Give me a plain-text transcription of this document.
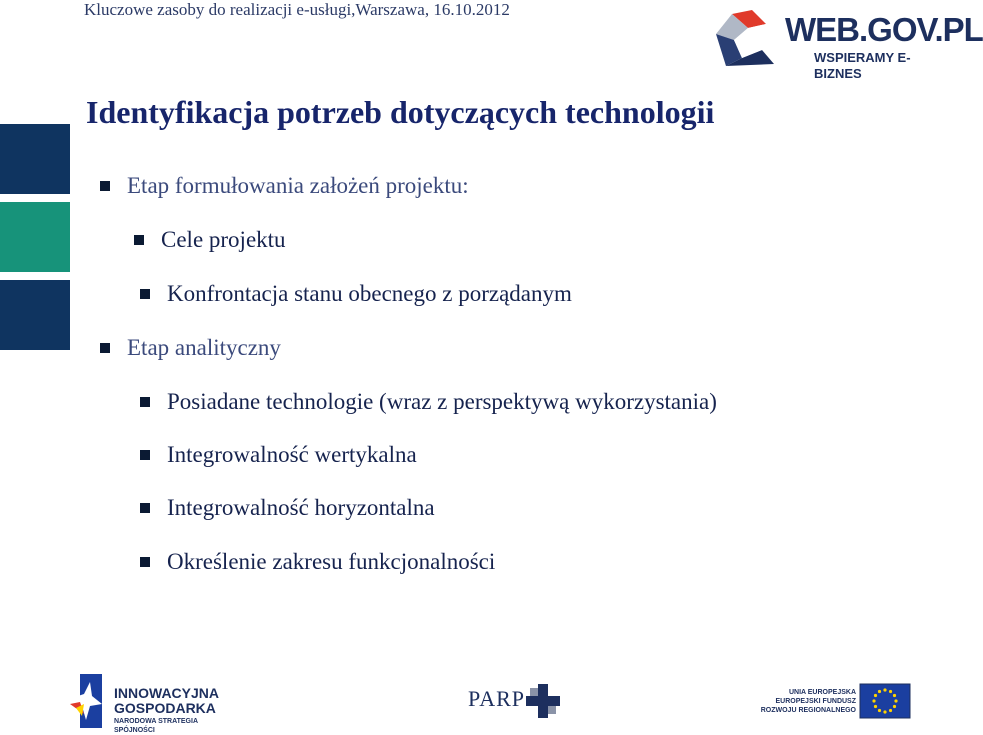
Kluczowe zasoby do realizacji e-usługi,Warszawa, 16.10.2012
WEB.GOV.PL
WSPIERAMY E-BIZNES
Identyfikacja potrzeb dotyczących technologii
Etap formułowania założeń projektu:
Cele projektu
Konfrontacja stanu obecnego z porządanym
Etap analityczny
Posiadane technologie (wraz z perspektywą wykorzystania)
Integrowalność wertykalna
Integrowalność horyzontalna
Określenie zakresu funkcjonalności
INNOWACYJNA
GOSPODARKA
NARODOWA STRATEGIA SPÓJNOŚCI
PARP	UNIA EUROPEJSKA
EUROPEJSKI FUNDUSZ
ROZWOJU REGIONALNEGO
